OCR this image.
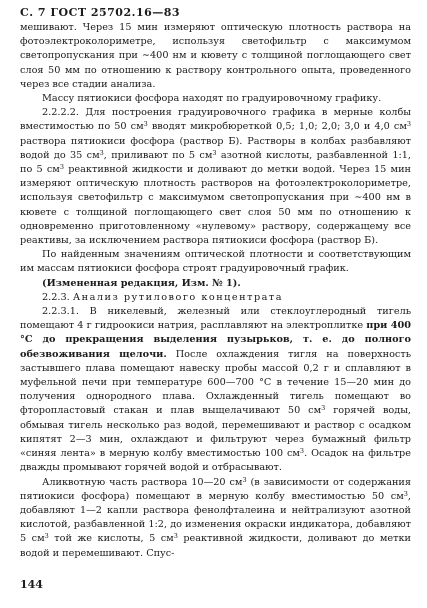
С. 7 ГОСТ 25702.16—83

мешивают. Через 15 мин измеряют оптическую плотность раствора на фотоэлектроколориметре, используя светофильтр с максимумом светопропускания при ∼400 нм и кювету с толщиной поглощающего свет слоя 50 мм по отношению к раствору контрольного опыта, проведенного через все стадии анализа.

Массу пятиокиси фосфора находят по градуировочному графику.

2.2.2.2. Для построения градуировочного графика в мерные колбы вместимостью по 50 $см^3$ вводят микробюреткой 0,5; 1,0; 2,0; 3,0 и 4,0 $см^3$ раствора пятиокиси фосфора (раствор Б). Растворы в колбах разбавляют водой до 35 $см^3$, приливают по 5 $см^3$ азотной кислоты, разбавленной 1:1, по 5 $см^3$ реактивной жидкости и доливают до метки водой. Через 15 мин измеряют оптическую плотность растворов на фотоэлектроколориметре, используя светофильтр с максимумом светопропускания при ∼400 нм в кювете с толщиной поглощающего свет слоя 50 мм по отношению к одновременно приготовленному «нулевому» раствору, содержащему все реактивы, за исключением раствора пятиокиси фосфора (раствор Б).

По найденным значениям оптической плотности и соответствующим им массам пятиокиси фосфора строят градуировочный график.

(Измененная редакция, Изм. № 1).

2.2.3. Анализ рутилового концентрата

2.2.3.1. В никелевый, железный или стеклоуглеродный тигель помещают 4 г гидроокиси натрия, расплавляют на электроплитке при 400 °С до прекращения выделения пузырьков, т. е. до полного обезвоживания щелочи. После охлаждения тигля на поверхность застывшего плава помещают навеску пробы массой 0,2 г и сплавляют в муфельной печи при температуре 600—700 °С в течение 15—20 мин до получения однородного плава. Охлажденный тигель помещают во фторопластовый стакан и плав выщелачивают 50 $см^3$ горячей воды, обмывая тигель несколько раз водой, перемешивают и раствор с осадком кипятят 2—3 мин, охлаждают и фильтруют через бумажный фильтр «синяя лента» в мерную колбу вместимостью 100 $см^3$. Осадок на фильтре дважды промывают горячей водой и отбрасывают.

Аликвотную часть раствора 10—20 $см^3$ (в зависимости от содержания пятиокиси фосфора) помещают в мерную колбу вместимостью 50 $см^3$, добавляют 1—2 капли раствора фенолфталеина и нейтрализуют азотной кислотой, разбавленной 1:2, до изменения окраски индикатора, добавляют 5 $см^3$ той же кислоты, 5 $см^3$ реактивной жидкости, доливают до метки водой и перемешивают. Спус-

144
